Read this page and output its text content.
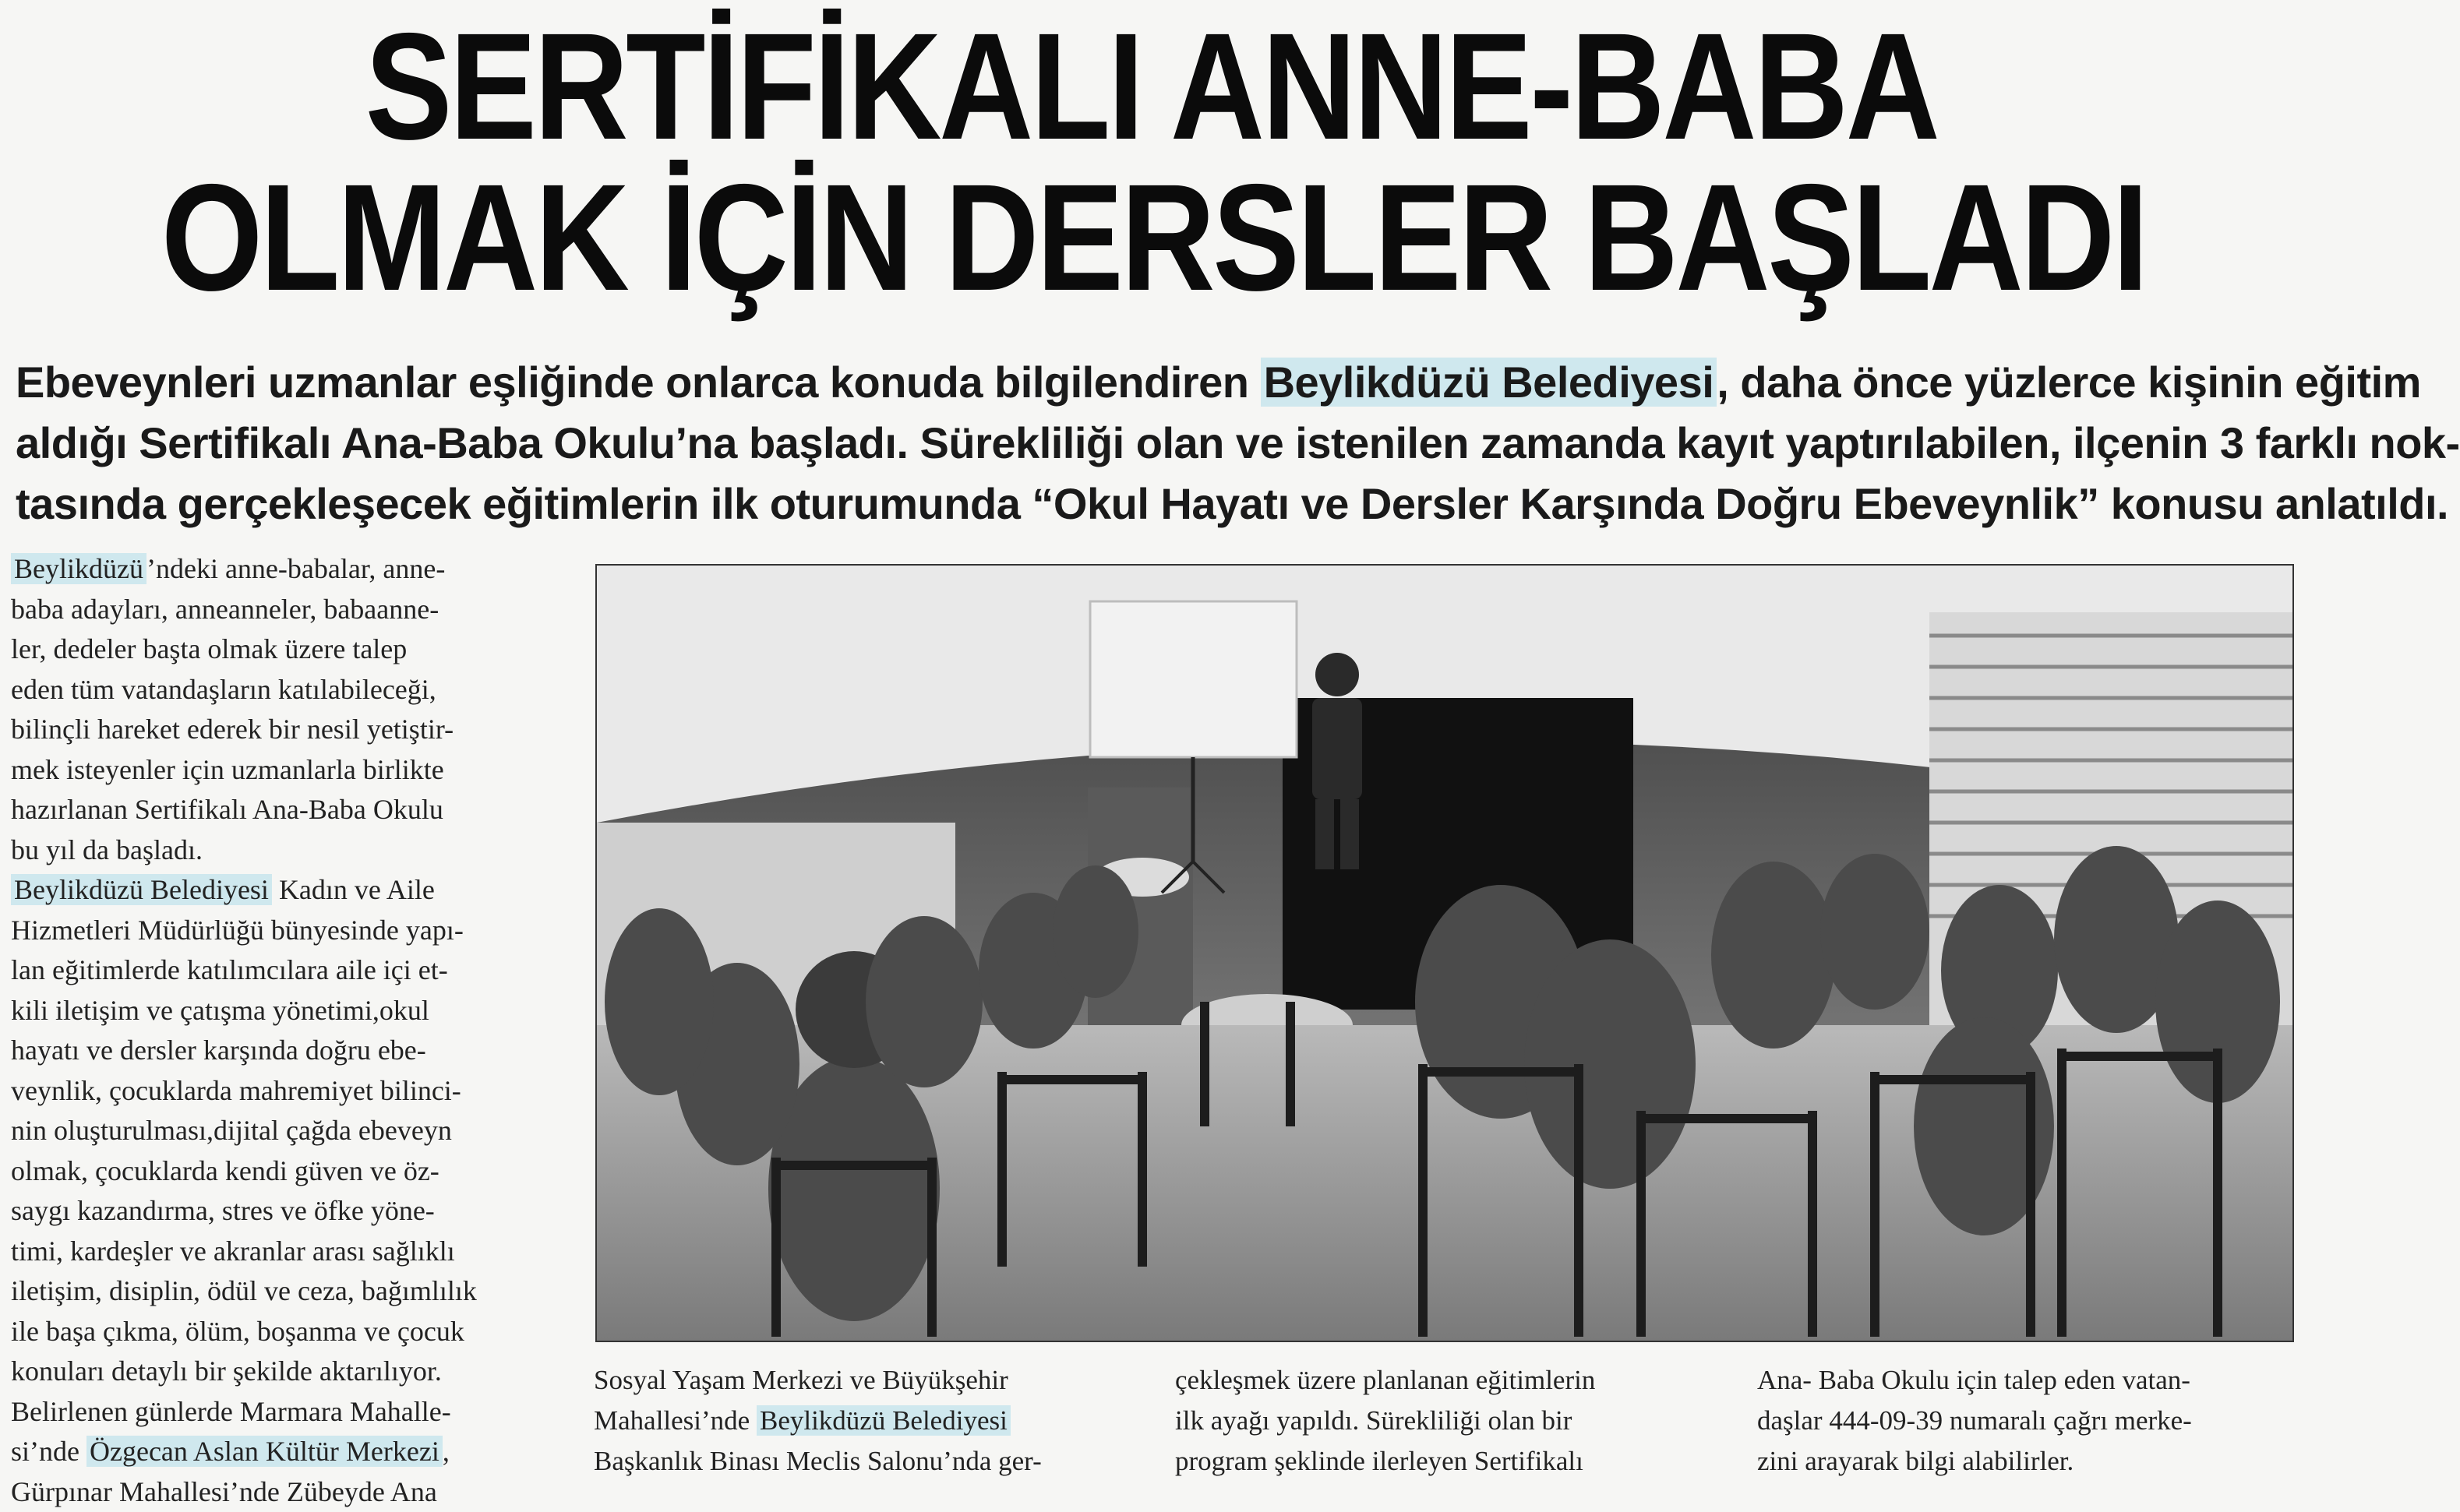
SERTİFİKALI ANNE-BABA
OLMAK İÇİN DERSLER BAŞLADI
Ebeveynleri uzmanlar eşliğinde onlarca konuda bilgilendiren Beylikdüzü Belediyesi, daha önce yüzlerce kişinin eğitim
aldığı Sertifikalı Ana-Baba Okulu’na başladı. Sürekliliği olan ve istenilen zamanda kayıt yaptırılabilen, ilçenin 3 farklı nok-
tasında gerçekleşecek eğitimlerin ilk oturumunda “Okul Hayatı ve Dersler Karşında Doğru Ebeveynlik” konusu anlatıldı.
Beylikdüzü ’ndeki anne-babalar, anne-
baba adayları, anneanneler, babaanne-
ler, dedeler başta olmak üzere talep
eden tüm vatandaşların katılabileceği,
bilinçli hareket ederek bir nesil yetiştir-
mek isteyenler için uzmanlarla birlikte
hazırlanan Sertifikalı Ana-Baba Okulu
bu yıl da başladı.
Beylikdüzü Belediyesi Kadın ve Aile
Hizmetleri Müdürlüğü bünyesinde yapı-
lan eğitimlerde katılımcılara aile içi et-
kili iletişim ve çatışma yönetimi,okul
hayatı ve dersler karşında doğru ebe-
veynlik, çocuklarda mahremiyet bilinci-
nin oluşturulması,dijital çağda ebeveyn
olmak, çocuklarda kendi güven ve öz-
saygı kazandırma, stres ve öfke yöne-
timi, kardeşler ve akranlar arası sağlıklı
iletişim, disiplin, ödül ve ceza, bağımlılık
ile başa çıkma, ölüm, boşanma ve çocuk
konuları detaylı bir şekilde aktarılıyor.
Belirlenen günlerde Marmara Mahalle-
si’nde Özgecan Aslan Kültür Merkezi ,
Gürpınar Mahallesi’nde Zübeyde Ana
Sosyal Yaşam Merkezi ve Büyükşehir
Mahallesi’nde Beylikdüzü Belediyesi
Başkanlık Binası Meclis Salonu’nda ger-
çekleşmek üzere planlanan eğitimlerin
ilk ayağı yapıldı. Sürekliliği olan bir
program şeklinde ilerleyen Sertifikalı
Ana- Baba Okulu için talep eden vatan-
daşlar 444-09-39 numaralı çağrı merke-
zini arayarak bilgi alabilirler.
